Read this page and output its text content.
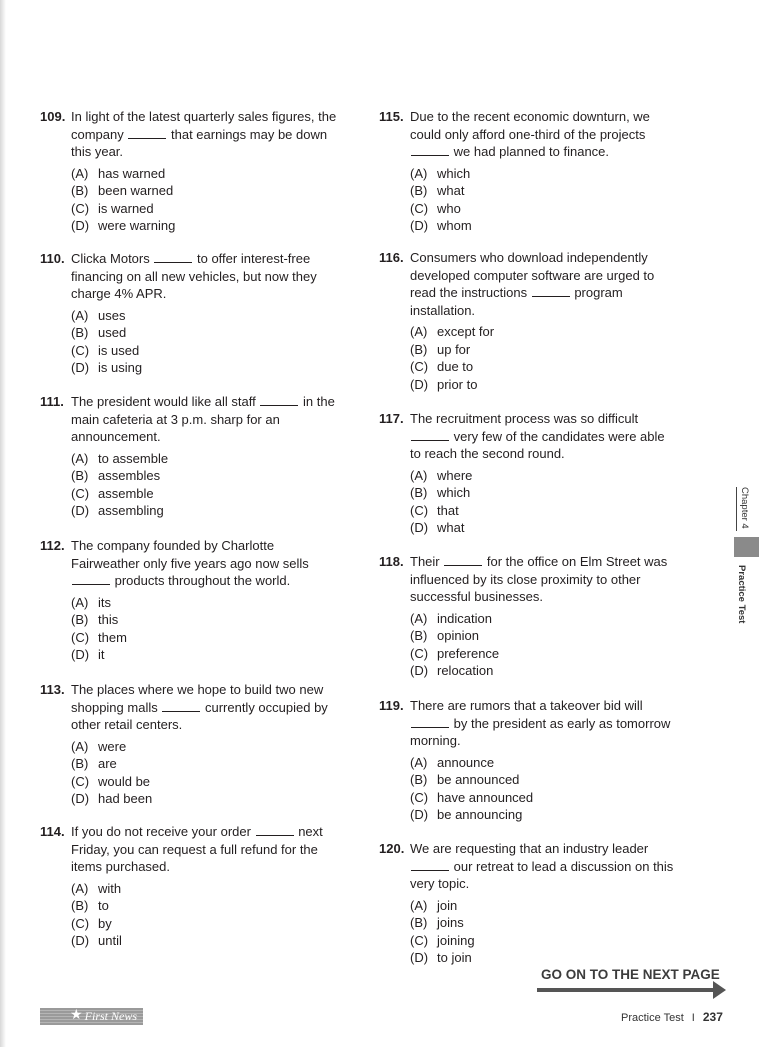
109. In light of the latest quarterly sales figures, the company	that earnings may be down this year.
(A) has warned
(B) been warned
(C) is warned
(D) were warning
110. Clicka Motors	to offer interest-free financing on all new vehicles, but now they charge 4% APR.
(A) uses
(B) used
(C) is used
(D) is using
111. The president would like all staff	in the main cafeteria at 3 p.m. sharp for an announcement.
(A) to assemble
(B) assembles
(C) assemble
(D) assembling
112. The company founded by Charlotte Fairweather only five years ago now sells  products throughout the world.
(A) its
(B) this
(C) them
(D) it
113. The places where we hope to build two new shopping malls	currently occupied by other retail centers.
(A) were
(B) are
(C) would be
(D) had been
114. If you do not receive your order	next Friday, you can request a full refund for the items purchased.
(A) with
(B) to
(C) by
(D) until
115. Due to the recent economic downturn, we could only afford one-third of the projects  we had planned to finance.
(A) which
(B) what
(C) who
(D) whom
116. Consumers who download independently developed computer software are urged to read the instructions	program installation.
(A) except for
(B) up for
(C) due to
(D) prior to
117. The recruitment process was so difficult  very few of the candidates were able to reach the second round.
(A) where
(B) which
(C) that
(D) what
118. Their	for the office on Elm Street was influenced by its close proximity to other successful businesses.
(A) indication
(B) opinion
(C) preference
(D) relocation
119. There are rumors that a takeover bid will  by the president as early as tomorrow morning.
(A) announce
(B) be announced
(C) have announced
(D) be announcing
120. We are requesting that an industry leader  our retreat to lead a discussion on this very topic.
(A) join
(B) joins
(C) joining
(D) to join
Chapter 4
Practice Test
GO ON TO THE NEXT PAGE
★ First News	Practice Test I 237
